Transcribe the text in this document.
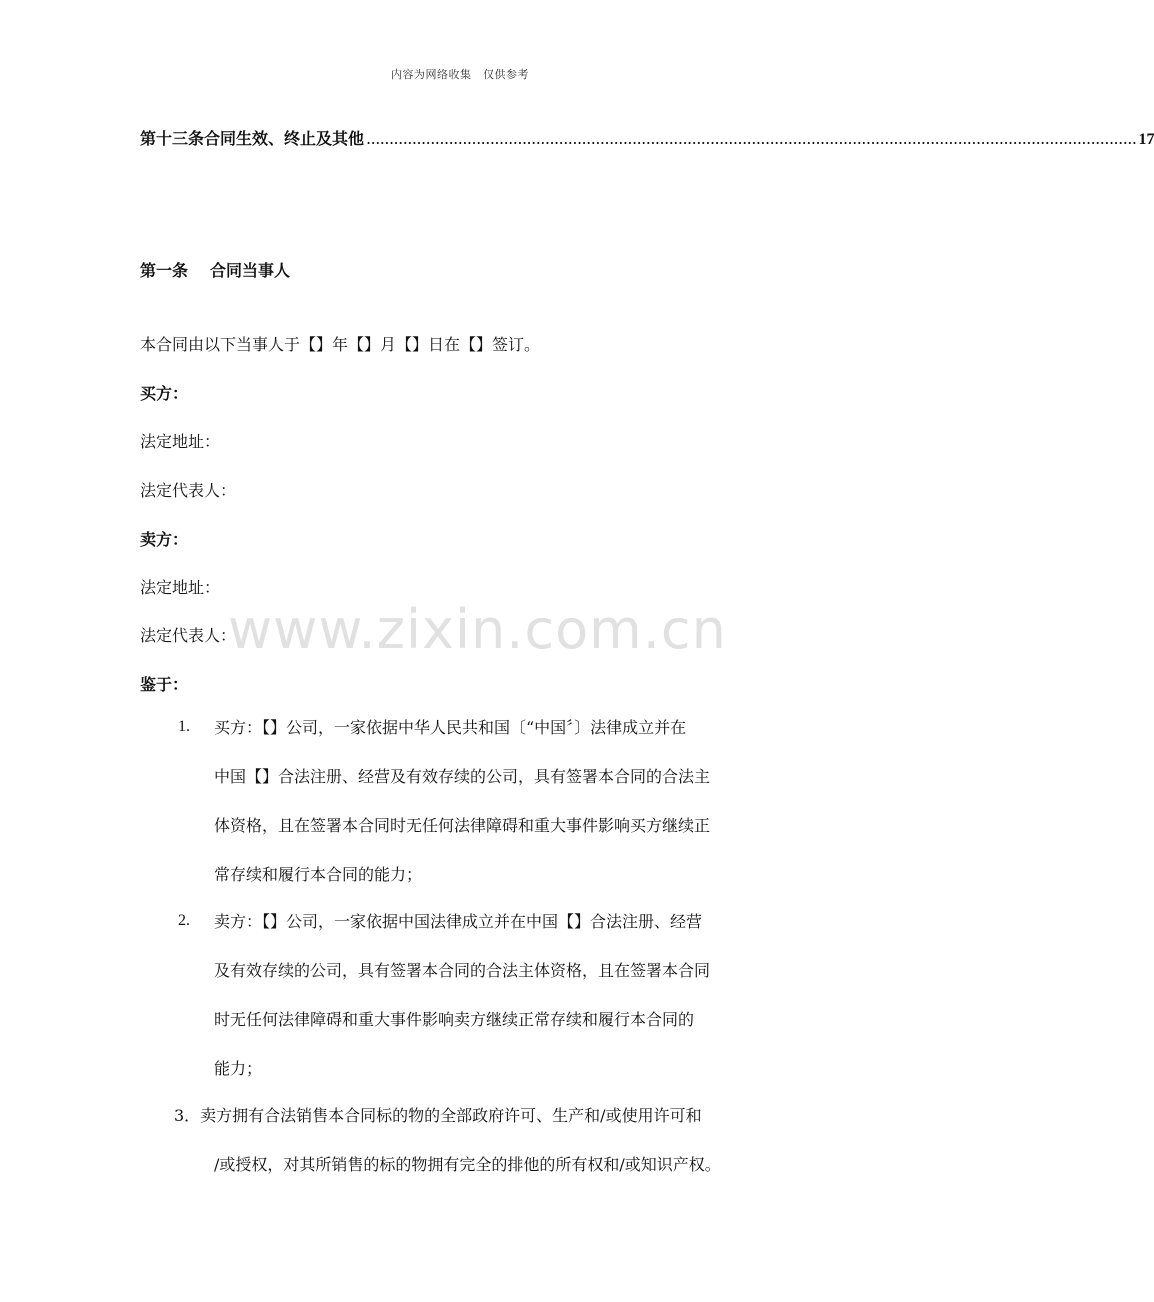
内容为网络收集　仅供参考
第十三条合同生效、终止及其他 ........................................................................................................................................................................ 17
第一条 合同当事人
本合同由以下当事人于【】年【】月【】日在【】签订。
买方：
法定地址：
法定代表人：
卖方：
法定地址：
法定代表人：
鉴于：
1. 买方：【】公司，一家依据中华人民共和国〔“中国〞〕法律成立并在
中国【】合法注册、经营及有效存续的公司，具有签署本合同的合法主
体资格，且在签署本合同时无任何法律障碍和重大事件影响买方继续正
常存续和履行本合同的能力；
2. 卖方：【】公司，一家依据中国法律成立并在中国【】合法注册、经营
及有效存续的公司，具有签署本合同的合法主体资格，且在签署本合同
时无任何法律障碍和重大事件影响卖方继续正常存续和履行本合同的
能力；
3．卖方拥有合法销售本合同标的物的全部政府许可、生产和/或使用许可和
/或授权，对其所销售的标的物拥有完全的排他的所有权和/或知识产权。
www.zixin.com.cn
